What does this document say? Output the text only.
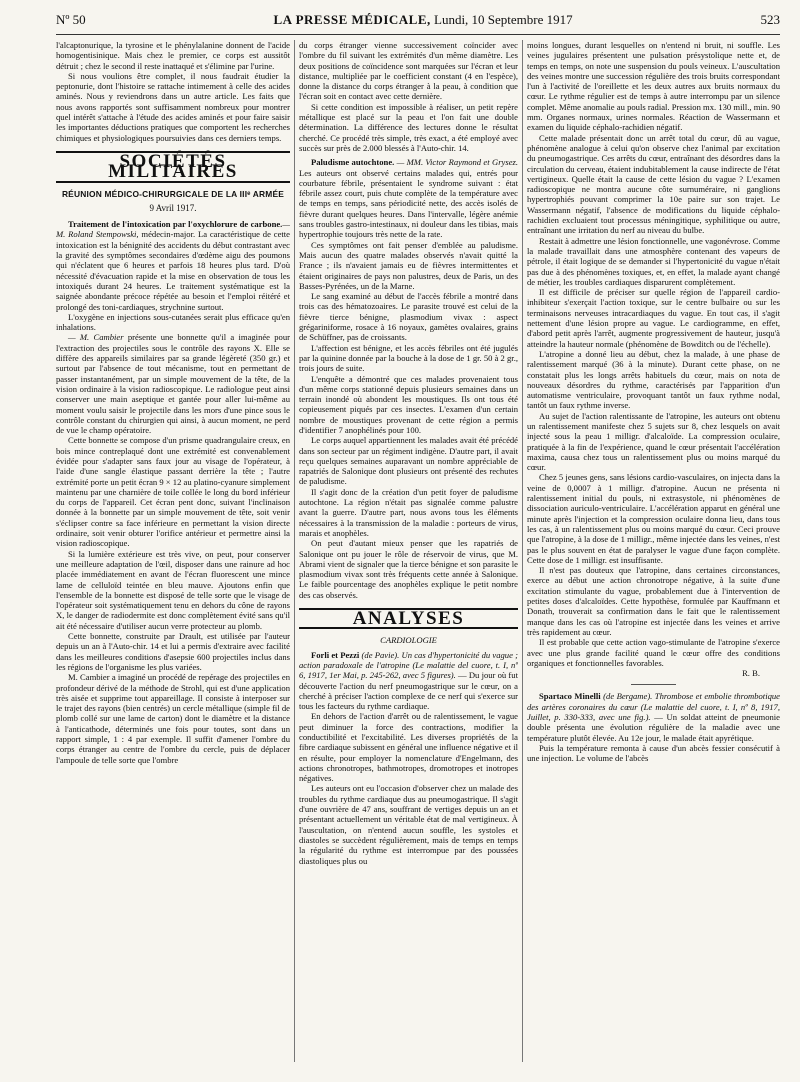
Nº 50	LA PRESSE MÉDICALE, Lundi, 10 Septembre 1917	523

l'alcaptonurique, la tyrosine et le phénylalanine donnent de l'acide homogentisinique. Mais chez le premier, ce corps est aussitôt détruit ; chez le second il reste inattaqué et s'élimine par l'urine.

Si nous voulions être complet, il nous faudrait étudier la peptonurie, dont l'histoire se rattache intimement à celle des acides aminés. Nous y reviendrons dans un autre article. Les faits que nous avons rapportés sont suffisamment nombreux pour montrer quel intérêt s'attache à l'étude des acides aminés et pour faire saisir les importantes déductions pratiques que comportent les recherches chimiques et physiologiques poursuivies dans ces derniers temps.

SOCIÉTÉS MILITAIRES
RÉUNION MÉDICO-CHIRURGICALE DE LA IIIᵉ ARMÉE
9 Avril 1917.

Traitement de l'intoxication par l'oxychlorure de carbone.— M. Roland Stempowski, médecin-major. La caractéristique de cette intoxication est la bénignité des accidents du début contrastant avec la gravité des symptômes secondaires d'œdème aigu des poumons qui n'éclatent que 6 heures et parfois 18 heures plus tard. D'où nécessité d'évacuation rapide et la mise en observation de tous les intoxiqués durant 24 heures. Le traitement systématique est la saignée abondante précoce répétée au besoin et l'emploi réitéré et prolongé des toni-cardiaques, strychnine surtout.

L'oxygène en injections sous-cutanées serait plus efficace qu'en inhalations.

— M. Cambier présente une bonnette qu'il a imaginée pour l'extraction des projectiles sous le contrôle des rayons X. Elle se diffère des appareils similaires par sa grande légèreté (350 gr.) et surtout par l'absence de tout mécanisme, tout en permettant de passer instantanément, par un simple mouvement de la tête, de la vision ordinaire à la vision radioscopique. Le radiologue peut ainsi conserver une main aseptique et gantée pour aller lui-même au moment voulu saisir le projectile dans les mors d'une pince sous le contrôle constant du chirurgien qui ainsi, à aucun moment, ne perd de vue le champ opératoire.

Cette bonnette se compose d'un prisme quadrangulaire creux, en bois mince contreplaqué dont une extrémité est convenablement évidée pour s'adapter sans faux jour au visage de l'opérateur, à l'aide d'une sangle élastique passant derrière la tête ; l'autre extrémité porte un petit écran 9 × 12 au platino-cyanure simplement maintenu par une charnière de toile collée le long du bord inférieur du corps de l'appareil. Cet écran pent donc, suivant l'inclinaison donnée à la bonnette par un simple mouvement de tête, soit venir s'éclipser contre sa face inférieure en permettant la vision directe ordinaire, soit venir obturer l'orifice antérieur et permettre ainsi la vision radioscopique.

Si la lumière extérieure est très vive, on peut, pour conserver une meilleure adaptation de l'œil, disposer dans une rainure ad hoc placée immédiatement en avant de l'écran fluorescent une mince lame de celluloïd teintée en bleu mauve. Ajoutons enfin que l'ensemble de la bonnette est disposé de telle sorte que le visage de l'opérateur soit systématiquement tenu en dehors du cône de rayons X, le danger de radiodermite est donc complètement évité sans qu'il ait été nécessaire d'utiliser aucun verre protecteur au plomb.

Cette bonnette, construite par Drault, est utilisée par l'auteur depuis un an à l'Auto-chir. 14 et lui a permis d'extraire avec facilité dans les meilleures conditions d'asepsie 600 projectiles inclus dans les régions de l'organisme les plus variées.

M. Cambier a imaginé un procédé de repérage des projectiles en profondeur dérivé de la méthode de Strohl, qui est d'une application très aisée et supprime tout appareillage. Il consiste à interposer sur le trajet des rayons (bien centrés) un cercle métallique (simple fil de plomb collé sur une lame de carton) dont le diamètre et la distance à l'anticathode, déterminés une fois pour toutes, sont dans un rapport simple, 1 : 4 par exemple. Il suffit d'amener l'ombre du corps étranger au centre de l'ombre du cercle, puis de déplacer l'ampoule de telle sorte que l'ombre

du corps étranger vienne successivement coïncider avec l'ombre du fil suivant les extrémités d'un même diamètre. Les deux positions de coïncidence sont marquées sur l'écran et leur distance, multipliée par le coefficient constant (4 en l'espèce), donne la distance du corps étranger à la peau, à condition que l'écran soit en contact avec cette dernière.

Si cette condition est impossible à réaliser, un petit repère métallique est placé sur la peau et l'on fait une double détermination. La différence des lectures donne le résultat cherché. Ce procédé très simple, très exact, a été employé avec succès sur près de 2.000 blessés à l'Auto-chir. 14.

Paludisme autochtone. — MM. Victor Raymond et Grysez. Les auteurs ont observé certains malades qui, entrés pour courbature fébrile, présentaient le syndrome suivant : état fébrile assez court, puis chute complète de la température avec de temps en temps, sans périodicité nette, des accès isolés de fièvre durant quelques heures. Dans l'intervalle, légère anémie sans troubles gastro-intestinaux, ni douleur dans les tibias, mais hypertrophie toujours très nette de la rate.

Ces symptômes ont fait penser d'emblée au paludisme. Mais aucun des quatre malades observés n'avait quitté la France ; ils n'avaient jamais eu de fièvres intermittentes et étaient originaires de pays non palustres, deux de Paris, un des Basses-Pyrénées, un de la Marne.

Le sang examiné au début de l'accès fébrile a montré dans trois cas des hématozoaires. Le parasite trouvé est celui de la fièvre tierce bénigne, plasmodium vivax : aspect grégariniforme, rosace à 16 noyaux, gamètes ovalaires, grains de Schüffner, pas de croissants.

L'affection est bénigne, et les accès fébriles ont été jugulés par la quinine donnée par la bouche à la dose de 1 gr. 50 à 2 gr., trois jours de suite.

L'enquête a démontré que ces malades provenaient tous d'un même corps stationné depuis plusieurs semaines dans un terrain inondé où abondent les moustiques. Ils ont tous été copieusement piqués par ces insectes. L'examen d'un certain nombre de moustiques provenant de cette région a permis d'identifier 7 anophélinés pour 100.

Le corps auquel appartiennent les malades avait été précédé dans son secteur par un régiment indigène. D'autre part, il avait reçu quelques semaines auparavant un nombre appréciable de rapatriés de Salonique dont plusieurs ont présenté des rechutes de paludisme.

Il s'agit donc de la création d'un petit foyer de paludisme autochtone. La région n'était pas signalée comme palustre avant la guerre. D'autre part, nous avons tous les éléments nécessaires à la transmission de la maladie : porteurs de virus, marais et anophèles.

On peut d'autant mieux penser que les rapatriés de Salonique ont pu jouer le rôle de réservoir de virus, que M. Abrami vient de signaler que la tierce bénigne et son parasite le plasmodium vivax sont très fréquents cette année à Salonique. Le faible pourcentage des anophèles explique le petit nombre des cas observés.

ANALYSES
CARDIOLOGIE

Forli et Pezzi (de Pavie). Un cas d'hypertonicité du vague ; action paradoxale de l'atropine (Le malattie del cuore, t. I, nº 6, 1917, 1er Mai, p. 245-262, avec 5 figures). — Du jour où fut découverte l'action du nerf pneumogastrique sur le cœur, on a cherché à préciser l'action complexe de ce nerf qui s'exerce sur tous les facteurs du rythme cardiaque.

En dehors de l'action d'arrêt ou de ralentissement, le vague peut diminuer la force des contractions, modifier la conductibilité et l'excitabilité. Les diverses propriétés de la fibre cardiaque subissent en général une influence négative et il en résulte, pour employer la nomenclature d'Engelmann, des actions chronotropes, bathmotropes, dromotropes et inotropes négatives.

Les auteurs ont eu l'occasion d'observer chez un malade des troubles du rythme cardiaque dus au pneumogastrique. Il s'agit d'une ouvrière de 47 ans, souffrant de vertiges depuis un an et présentant actuellement un véritable état de mal vertigineux. À l'auscultation, on n'entend aucun souffle, les systoles et diastoles se succèdent régulièrement, mais de temps en temps la régularité du rythme est interrompue par des poussées diastoliques plus ou

moins longues, durant lesquelles on n'entend ni bruit, ni souffle. Les veines jugulaires présentent une pulsation présystolique nette et, de temps en temps, on note une suspension du pouls veineux. L'auscultation des veines montre une succession régulière des trois bruits correspondant l'un à l'activité de l'oreillette et les deux autres aux bruits normaux du cœur. Le rythme régulier est de temps à autre interrompu par un silence complet. Même anomalie au pouls radial. Pression mx. 130 mill., min. 90 mm. Organes normaux, urines normales. Réaction de Wassermann et examen du liquide céphalo-rachidien négatif.

Cette malade présentait donc un arrêt total du cœur, dû au vague, phénomène analogue à celui qu'on observe chez l'animal par excitation du pneumogastrique. Ces arrêts du cœur, entraînant des désordres dans la circulation du cerveau, étaient indubitablement la cause indirecte de l'état vertigineux. Quelle était la cause de cette lésion du vague ? L'examen radioscopique ne montra aucune côte surnuméraire, ni ganglions hypertrophiés pouvant comprimer la 10e paire sur son trajet. Le Wassermann négatif, l'absence de modifications du liquide céphalo-rachidien excluaient tout processus méningitique, syphilitique ou autre, entraînant une irritation du nerf au niveau du bulbe.

Restait à admettre une lésion fonctionnelle, une vagonévrose. Comme la malade travaillait dans une atmosphère contenant des vapeurs de pétrole, il était logique de se demander si l'hypertonicité du vague n'était pas due à des phénomènes toxiques, et, en effet, la malade ayant changé de métier, les troubles cardiaques disparurent complètement.

Il est difficile de préciser sur quelle région de l'appareil cardio-inhibiteur s'exerçait l'action toxique, sur le centre bulbaire ou sur les terminaisons nerveuses intracardiaques du vague. En tout cas, il s'agit nettement d'une lésion propre au vague. Le cardiogramme, en effet, d'abord petit après l'arrêt, augmente progressivement de hauteur, jusqu'à atteindre la hauteur normale (phénomène de Bowditch ou de l'échelle).

L'atropine a donné lieu au début, chez la malade, à une phase de ralentissement marqué (36 à la minute). Durant cette phase, on ne constatait plus les longs arrêts habituels du cœur, mais on nota de nouveaux désordres du rythme, caractérisés par l'apparition d'un automatisme ventriculaire, provoquant tantôt un faux rythme nodal, tantôt un faux rythme inverse.

Au sujet de l'action ralentissante de l'atropine, les auteurs ont obtenu un ralentissement manifeste chez 5 sujets sur 8, chez lesquels on avait injecté sous la peau 1 milligr. d'alcaloïde. La compression oculaire, pratiquée à la fin de l'expérience, quand le cœur présentait l'accélération maxima, causa chez tous un ralentissement plus ou moins marqué du cœur.

Chez 5 jeunes gens, sans lésions cardio-vasculaires, on injecta dans la veine de 0,0007 à 1 milligr. d'atropine. Aucun ne présenta ni ralentissement initial du pouls, ni extrasystole, ni phénomènes de dissociation auriculo-ventriculaire. L'accélération apparut en général une minute après l'injection et la compression oculaire donna lieu, dans tous les cas, à un ralentissement plus ou moins marqué du cœur. Ceci prouve que l'atropine, à la dose de 1 milligr., même injectée dans les veines, n'est pas le plus souvent en état de paralyser le vague d'une façon complète. Cette dose de 1 milligr. est insuffisante.

Il n'est pas douteux que l'atropine, dans certaines circonstances, exerce au début une action chronotrope négative, à la suite d'une excitation stimulante du vague, probablement due à l'intervention de petites doses d'alcaloïdes. Cette hypothèse, formulée par Kauffmann et Donath, trouverait sa confirmation dans le fait que le ralentissement manque dans les cas où l'atropine est injectée dans les veines et arrive très rapidement au cœur.

Il est probable que cette action vago-stimulante de l'atropine s'exerce avec une plus grande facilité quand le cœur offre des conditions organiques et fonctionnelles favorables.

R. B.

Spartaco Minelli (de Bergame). Thrombose et embolie thrombotique des artères coronaires du cœur (Le malattie del cuore, t. I, nº 8, 1917, Juillet, p. 330-333, avec une fig.). — Un soldat atteint de pneumonie double présenta une évolution régulière de la maladie avec une température plutôt élevée. Au 12e jour, le malade était apyrétique.

Puis la température remonta à cause d'un abcès fessier consécutif à une injection. Le volume de l'abcès
